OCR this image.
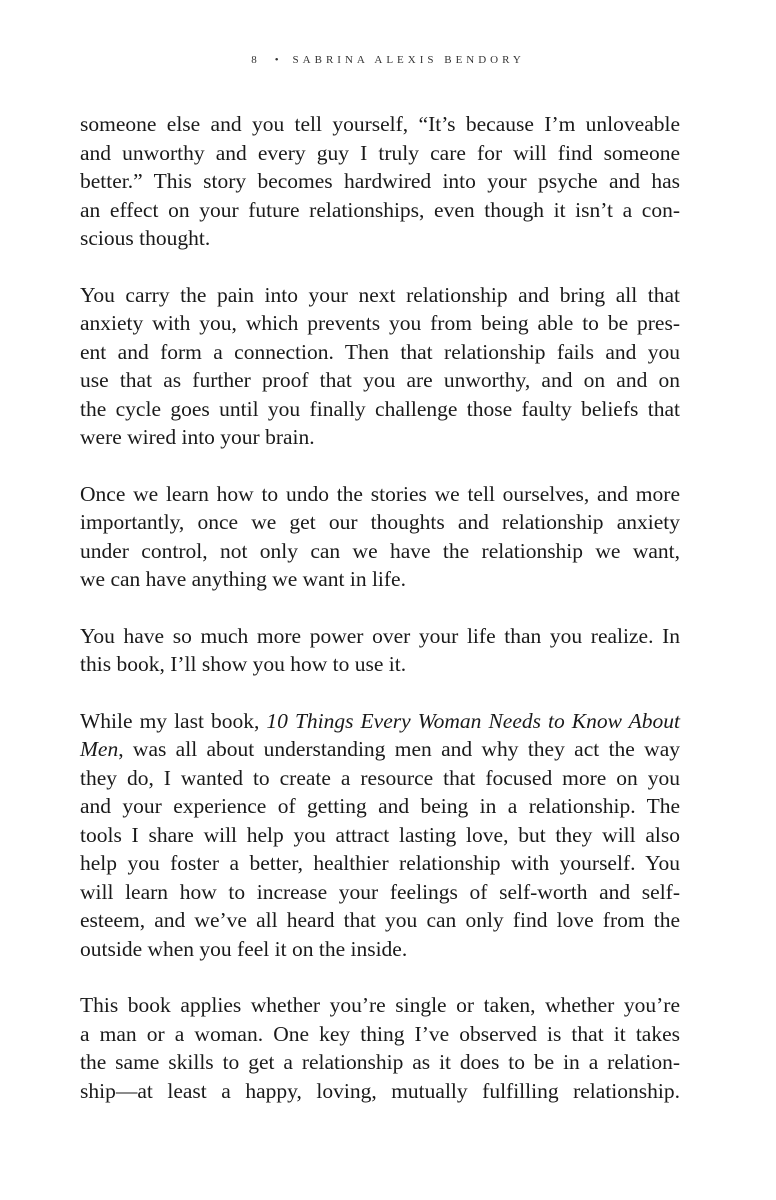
8 • SABRINA ALEXIS BENDORY

someone else and you tell yourself, “It’s because I’m unloveable
and unworthy and every guy I truly care for will find someone
better.” This story becomes hardwired into your psyche and has
an effect on your future relationships, even though it isn’t a con-
scious thought.

You carry the pain into your next relationship and bring all that
anxiety with you, which prevents you from being able to be pres-
ent and form a connection. Then that relationship fails and you
use that as further proof that you are unworthy, and on and on
the cycle goes until you finally challenge those faulty beliefs that
were wired into your brain.

Once we learn how to undo the stories we tell ourselves, and more
importantly, once we get our thoughts and relationship anxiety
under control, not only can we have the relationship we want,
we can have anything we want in life.

You have so much more power over your life than you realize. In
this book, I’ll show you how to use it.

While my last book, 10 Things Every Woman Needs to Know About
Men, was all about understanding men and why they act the way
they do, I wanted to create a resource that focused more on you
and your experience of getting and being in a relationship. The
tools I share will help you attract lasting love, but they will also
help you foster a better, healthier relationship with yourself. You
will learn how to increase your feelings of self-worth and self-
esteem, and we’ve all heard that you can only find love from the
outside when you feel it on the inside.

This book applies whether you’re single or taken, whether you’re
a man or a woman. One key thing I’ve observed is that it takes
the same skills to get a relationship as it does to be in a relation-
ship—at least a happy, loving, mutually fulfilling relationship.
